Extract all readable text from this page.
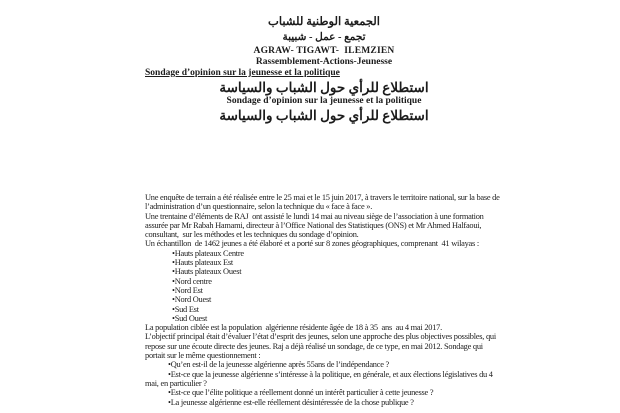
الجمعية الوطنية للشباب
تجمع - عمل - شبيبة
AGRAW- TIGAWT-  ILEMZIEN
Rassemblement-Actions-Jeunesse
Sondage d’opinion sur la jeunesse et la politique
استطلاع للرأي حول الشباب والسياسة
Sondage d’opinion sur la jeunesse et la politique
استطلاع للرأي حول الشباب والسياسة

Une enquête de terrain a été réalisée entre le 25 mai et le 15 juin 2017, à travers le territoire national, sur la base de l’administration d’un questionnaire, selon la technique du « face à face ».

Une trentaine d’éléments de RAJ  ont assisté le lundi 14 mai au niveau siège de l’association à une formation assurée par Mr Rabah Hamami, directeur à l’Office National des Statistiques (ONS) et Mr Ahmed Halfaoui, consultant,  sur les méthodes et les techniques du sondage d’opinion.

Un échantillon  de 1462 jeunes a été élaboré et a porté sur 8 zones géographiques, comprenant  41 wilayas :

• Hauts plateaux Centre
• Hauts plateaux Est
• Hauts plateaux Ouest
• Nord centre
• Nord Est
• Nord Ouest
• Sud Est
• Sud Ouest

La population ciblée est la population  algérienne résidente âgée de 18 à 35  ans  au 4 mai 2017.

L’objectif principal était d’évaluer l’état d’esprit des jeunes, selon une approche des plus objectives possibles, qui repose sur une écoute directe des jeunes. Raj a déjà réalisé un sondage, de ce type, en mai 2012. Sondage qui portait sur le même questionnement :

• Qu’en est-il de la jeunesse algérienne après 55ans de l’indépendance ?
• Est-ce que la jeunesse algérienne s’intéresse à la politique, en générale, et aux élections législatives du 4 mai, en particulier ?
• Est-ce que l’élite politique a réellement donné un intérêt particulier à cette jeunesse ?
• La jeunesse algérienne est-elle réellement désintéressée de la chose publique ?
